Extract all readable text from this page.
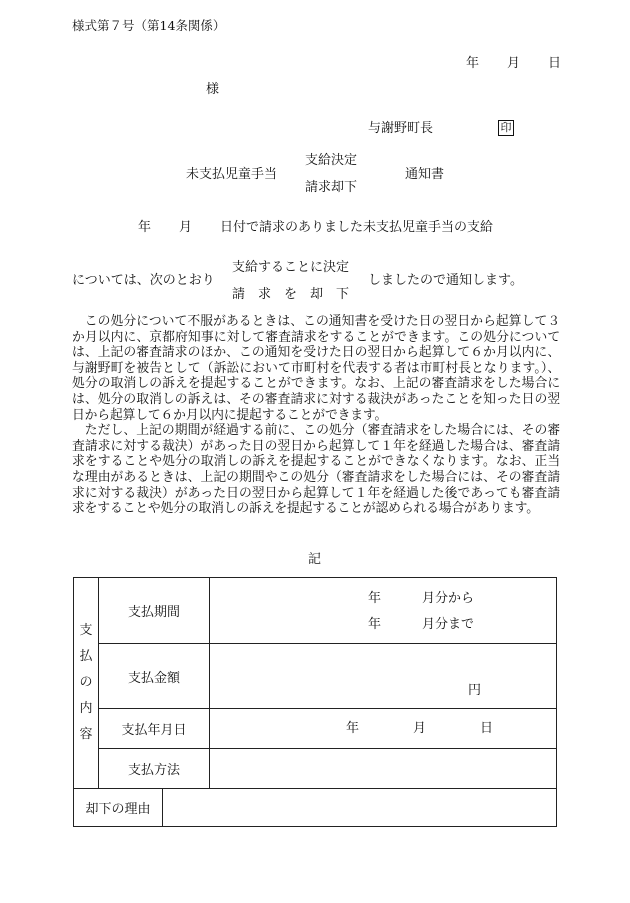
様式第７号（第14条関係）
年 月 日
様
与謝野町長	印
支給決定
未支払児童手当
請求却下
通知書
年 月 日付で請求のありました未支払児童手当の支給
支給することに決定
については、次のとおり
請　求　を　却　下
しましたので通知します。

この処分について不服があるときは、この通知書を受けた日の翌日から起算して３か月以内に、京都府知事に対して審査請求をすることができます。この処分については、上記の審査請求のほか、この通知を受けた日の翌日から起算して６か月以内に、与謝野町を被告として（訴訟において市町村を代表する者は市町村長となります。）、処分の取消しの訴えを提起することができます。なお、上記の審査請求をした場合には、処分の取消しの訴えは、その審査請求に対する裁決があったことを知った日の翌日から起算して６か月以内に提起することができます。

ただし、上記の期間が経過する前に、この処分（審査請求をした場合には、その審査請求に対する裁決）があった日の翌日から起算して１年を経過した場合は、審査請求をすることや処分の取消しの訴えを提起することができなくなります。なお、正当な理由があるときは、上記の期間やこの処分（審査請求をした場合には、その審査請求に対する裁決）があった日の翌日から起算して１年を経過した後であっても審査請求をすることや処分の取消しの訴えを提起することが認められる場合があります。

記
支
払
の
内
容	支払期間	年 月分から
年 月分まで

	支払金額	円

	支払年月日	年 月 日

	支払方法	
却下の理由	
